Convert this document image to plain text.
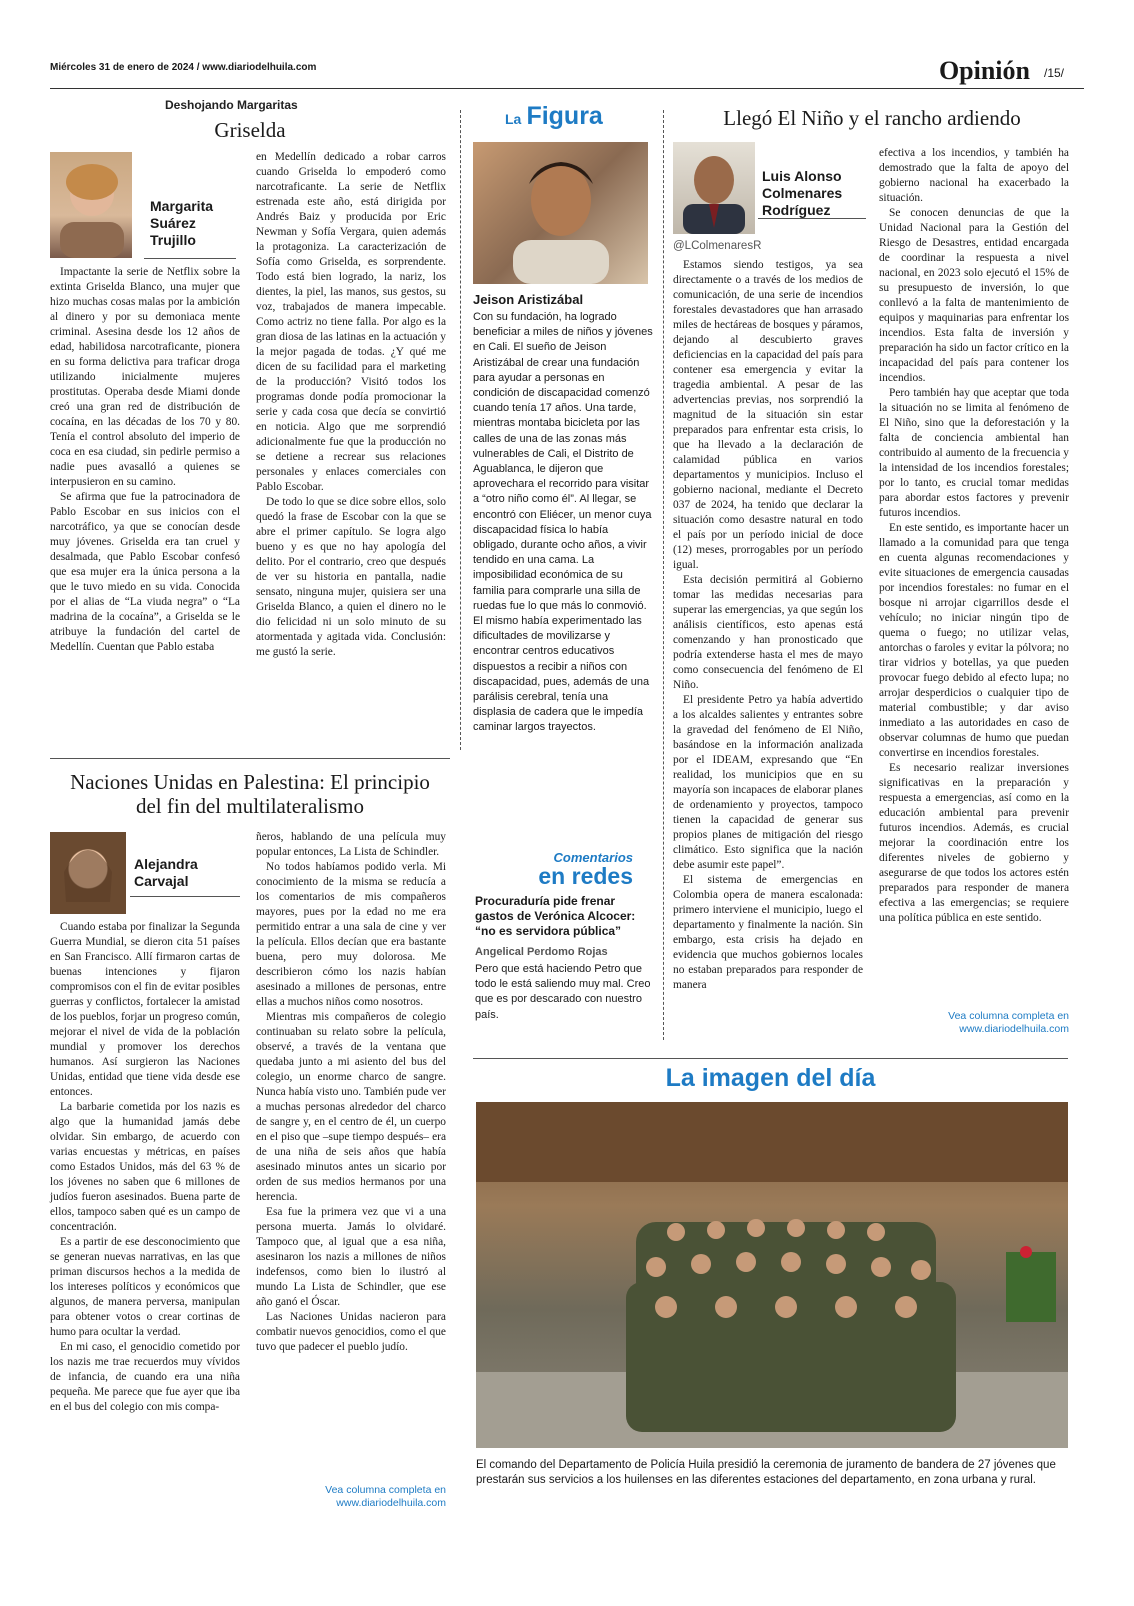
Miércoles 31 de enero de 2024 / www.diariodelhuila.com	Opinión /15/
Deshojando Margaritas
Griselda
Margarita Suárez Trujillo

Impactante la serie de Netflix sobre la extinta Griselda Blanco, una mujer que hizo muchas cosas malas por la ambición al dinero y por su demoniaca mente criminal. Asesina desde los 12 años de edad, habilidosa narcotraficante, pionera en su forma delictiva para traficar droga utilizando inicialmente mujeres prostitutas. Operaba desde Miami donde creó una gran red de distribución de cocaína, en las décadas de los 70 y 80. Tenía el control absoluto del imperio de coca en esa ciudad, sin pedirle permiso a nadie pues avasalló a quienes se interpusieron en su camino.

Se afirma que fue la patrocinadora de Pablo Escobar en sus inicios con el narcotráfico, ya que se conocían desde muy jóvenes. Griselda era tan cruel y desalmada, que Pablo Escobar confesó que esa mujer era la única persona a la que le tuvo miedo en su vida. Conocida por el alias de “La viuda negra” o “La madrina de la cocaína”, a Griselda se le atribuye la fundación del cartel de Medellín. Cuentan que Pablo estaba

en Medellín dedicado a robar carros cuando Griselda lo empoderó como narcotraficante. La serie de Netflix estrenada este año, está dirigida por Andrés Baiz y producida por Eric Newman y Sofía Vergara, quien además la protagoniza. La caracterización de Sofía como Griselda, es sorprendente. Todo está bien logrado, la nariz, los dientes, la piel, las manos, sus gestos, su voz, trabajados de manera impecable. Como actriz no tiene falla. Por algo es la gran diosa de las latinas en la actuación y la mejor pagada de todas. ¿Y qué me dicen de su facilidad para el marketing de la producción? Visitó todos los programas donde podía promocionar la serie y cada cosa que decía se convirtió en noticia. Algo que me sorprendió adicionalmente fue que la producción no se detiene a recrear sus relaciones personales y enlaces comerciales con Pablo Escobar.

De todo lo que se dice sobre ellos, solo quedó la frase de Escobar con la que se abre el primer capítulo. Se logra algo bueno y es que no hay apología del delito. Por el contrario, creo que después de ver su historia en pantalla, nadie sensato, ninguna mujer, quisiera ser una Griselda Blanco, a quien el dinero no le dio felicidad ni un solo minuto de su atormentada y agitada vida. Conclusión: me gustó la serie.

Naciones Unidas en Palestina: El principio del fin del multilateralismo
Alejandra Carvajal

Cuando estaba por finalizar la Segunda Guerra Mundial, se dieron cita 51 países en San Francisco. Allí firmaron cartas de buenas intenciones y fijaron compromisos con el fin de evitar posibles guerras y conflictos, fortalecer la amistad de los pueblos, forjar un progreso común, mejorar el nivel de vida de la población mundial y promover los derechos humanos. Así surgieron las Naciones Unidas, entidad que tiene vida desde ese entonces.

La barbarie cometida por los nazis es algo que la humanidad jamás debe olvidar. Sin embargo, de acuerdo con varias encuestas y métricas, en países como Estados Unidos, más del 63 % de los jóvenes no saben que 6 millones de judíos fueron asesinados. Buena parte de ellos, tampoco saben qué es un campo de concentración.

Es a partir de ese desconocimiento que se generan nuevas narrativas, en las que priman discursos hechos a la medida de los intereses políticos y económicos que algunos, de manera perversa, manipulan para obtener votos o crear cortinas de humo para ocultar la verdad.

En mi caso, el genocidio cometido por los nazis me trae recuerdos muy vívidos de infancia, de cuando era una niña pequeña. Me parece que fue ayer que iba en el bus del colegio con mis compa-

ñeros, hablando de una película muy popular entonces, La Lista de Schindler.

No todos habíamos podido verla. Mi conocimiento de la misma se reducía a los comentarios de mis compañeros mayores, pues por la edad no me era permitido entrar a una sala de cine y ver la película. Ellos decían que era bastante buena, pero muy dolorosa. Me describieron cómo los nazis habían asesinado a millones de personas, entre ellas a muchos niños como nosotros.

Mientras mis compañeros de colegio continuaban su relato sobre la película, observé, a través de la ventana que quedaba junto a mi asiento del bus del colegio, un enorme charco de sangre. Nunca había visto uno. También pude ver a muchas personas alrededor del charco de sangre y, en el centro de él, un cuerpo en el piso que –supe tiempo después– era de una niña de seis años que había asesinado minutos antes un sicario por orden de sus medios hermanos por una herencia.

Esa fue la primera vez que vi a una persona muerta. Jamás lo olvidaré. Tampoco que, al igual que a esa niña, asesinaron los nazis a millones de niños indefensos, como bien lo ilustró al mundo La Lista de Schindler, que ese año ganó el Óscar.

Las Naciones Unidas nacieron para combatir nuevos genocidios, como el que tuvo que padecer el pueblo judío.

Vea columna completa en www.diariodelhuila.com
La Figura
Jeison Aristizábal
Con su fundación, ha logrado beneficiar a miles de niños y jóvenes en Cali. El sueño de Jeison Aristizábal de crear una fundación para ayudar a personas en condición de discapacidad comenzó cuando tenía 17 años. Una tarde, mientras montaba bicicleta por las calles de una de las zonas más vulnerables de Cali, el Distrito de Aguablanca, le dijeron que aprovechara el recorrido para visitar a “otro niño como él”. Al llegar, se encontró con Eliécer, un menor cuya discapacidad física lo había obligado, durante ocho años, a vivir tendido en una cama. La imposibilidad económica de su familia para comprarle una silla de ruedas fue lo que más lo conmovió. El mismo había experimentado las dificultades de movilizarse y encontrar centros educativos dispuestos a recibir a niños con discapacidad, pues, además de una parálisis cerebral, tenía una displasia de cadera que le impedía caminar largos trayectos.
Comentarios
en redes
Procuraduría pide frenar gastos de Verónica Alcocer: “no es servidora pública”
Angelical Perdomo Rojas
Pero que está haciendo Petro que todo le está saliendo muy mal. Creo que es por descarado con nuestro país.
Llegó El Niño y el rancho ardiendo
Luis Alonso Colmenares Rodríguez
@LColmenaresR

Estamos siendo testigos, ya sea directamente o a través de los medios de comunicación, de una serie de incendios forestales devastadores que han arrasado miles de hectáreas de bosques y páramos, dejando al descubierto graves deficiencias en la capacidad del país para contener esa emergencia y evitar la tragedia ambiental. A pesar de las advertencias previas, nos sorprendió la magnitud de la situación sin estar preparados para enfrentar esta crisis, lo que ha llevado a la declaración de calamidad pública en varios departamentos y municipios. Incluso el gobierno nacional, mediante el Decreto 037 de 2024, ha tenido que declarar la situación como desastre natural en todo el país por un período inicial de doce (12) meses, prorrogables por un período igual.

Esta decisión permitirá al Gobierno tomar las medidas necesarias para superar las emergencias, ya que según los análisis científicos, esto apenas está comenzando y han pronosticado que podría extenderse hasta el mes de mayo como consecuencia del fenómeno de El Niño.

El presidente Petro ya había advertido a los alcaldes salientes y entrantes sobre la gravedad del fenómeno de El Niño, basándose en la información analizada por el IDEAM, expresando que “En realidad, los municipios que en su mayoría son incapaces de elaborar planes de ordenamiento y proyectos, tampoco tienen la capacidad de generar sus propios planes de mitigación del riesgo climático. Esto significa que la nación debe asumir este papel”.

El sistema de emergencias en Colombia opera de manera escalonada: primero interviene el municipio, luego el departamento y finalmente la nación. Sin embargo, esta crisis ha dejado en evidencia que muchos gobiernos locales no estaban preparados para responder de manera

efectiva a los incendios, y también ha demostrado que la falta de apoyo del gobierno nacional ha exacerbado la situación.

Se conocen denuncias de que la Unidad Nacional para la Gestión del Riesgo de Desastres, entidad encargada de coordinar la respuesta a nivel nacional, en 2023 solo ejecutó el 15% de su presupuesto de inversión, lo que conllevó a la falta de mantenimiento de equipos y maquinarias para enfrentar los incendios. Esta falta de inversión y preparación ha sido un factor crítico en la incapacidad del país para contener los incendios.

Pero también hay que aceptar que toda la situación no se limita al fenómeno de El Niño, sino que la deforestación y la falta de conciencia ambiental han contribuido al aumento de la frecuencia y la intensidad de los incendios forestales; por lo tanto, es crucial tomar medidas para abordar estos factores y prevenir futuros incendios.

En este sentido, es importante hacer un llamado a la comunidad para que tenga en cuenta algunas recomendaciones y evite situaciones de emergencia causadas por incendios forestales: no fumar en el bosque ni arrojar cigarrillos desde el vehículo; no iniciar ningún tipo de quema o fuego; no utilizar velas, antorchas o faroles y evitar la pólvora; no tirar vidrios y botellas, ya que pueden provocar fuego debido al efecto lupa; no arrojar desperdicios o cualquier tipo de material combustible; y dar aviso inmediato a las autoridades en caso de observar columnas de humo que puedan convertirse en incendios forestales.

Es necesario realizar inversiones significativas en la preparación y respuesta a emergencias, así como en la educación ambiental para prevenir futuros incendios. Además, es crucial mejorar la coordinación entre los diferentes niveles de gobierno y asegurarse de que todos los actores estén preparados para responder de manera efectiva a las emergencias; se requiere una política pública en este sentido.

Vea columna completa en www.diariodelhuila.com
La imagen del día
El comando del Departamento de Policía Huila presidió la ceremonia de juramento de bandera de 27 jóvenes que prestarán sus servicios a los huilenses en las diferentes estaciones del departamento, en zona urbana y rural.
